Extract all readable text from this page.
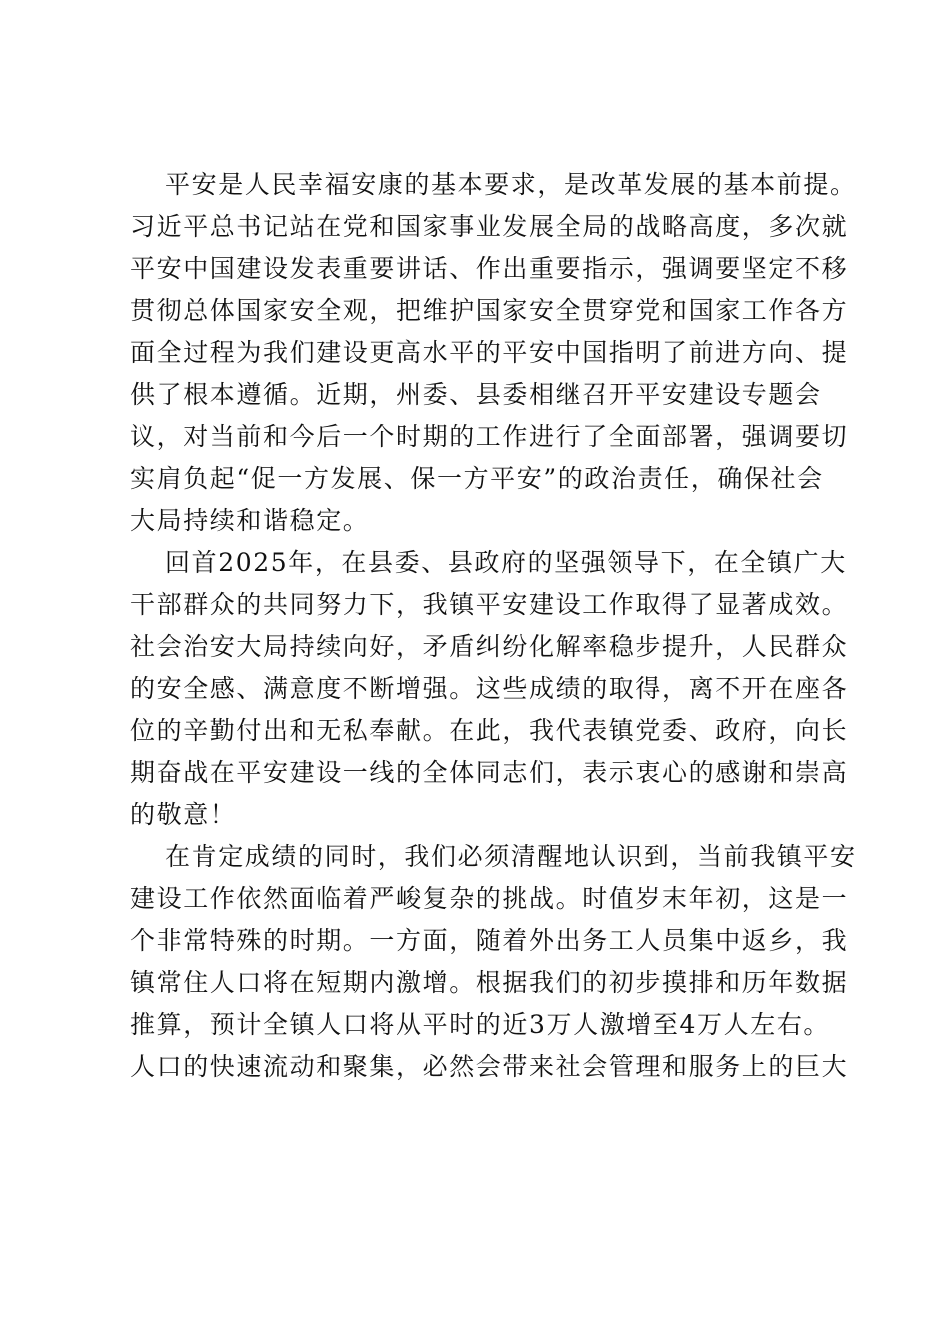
平安是人民幸福安康的基本要求，是改革发展的基本前提。
习近平总书记站在党和国家事业发展全局的战略高度，多次就
平安中国建设发表重要讲话、作出重要指示，强调要坚定不移
贯彻总体国家安全观，把维护国家安全贯穿党和国家工作各方
面全过程为我们建设更高水平的平安中国指明了前进方向、提
供了根本遵循。近期，州委、县委相继召开平安建设专题会
议，对当前和今后一个时期的工作进行了全面部署，强调要切
实肩负起“促一方发展、保一方平安”的政治责任，确保社会
大局持续和谐稳定。
回首2025年，在县委、县政府的坚强领导下，在全镇广大
干部群众的共同努力下，我镇平安建设工作取得了显著成效。
社会治安大局持续向好，矛盾纠纷化解率稳步提升，人民群众
的安全感、满意度不断增强。这些成绩的取得，离不开在座各
位的辛勤付出和无私奉献。在此，我代表镇党委、政府，向长
期奋战在平安建设一线的全体同志们，表示衷心的感谢和崇高
的敬意！
在肯定成绩的同时，我们必须清醒地认识到，当前我镇平安
建设工作依然面临着严峻复杂的挑战。时值岁末年初，这是一
个非常特殊的时期。一方面，随着外出务工人员集中返乡，我
镇常住人口将在短期内激增。根据我们的初步摸排和历年数据
推算，预计全镇人口将从平时的近3万人激增至4万人左右。
人口的快速流动和聚集，必然会带来社会管理和服务上的巨大
